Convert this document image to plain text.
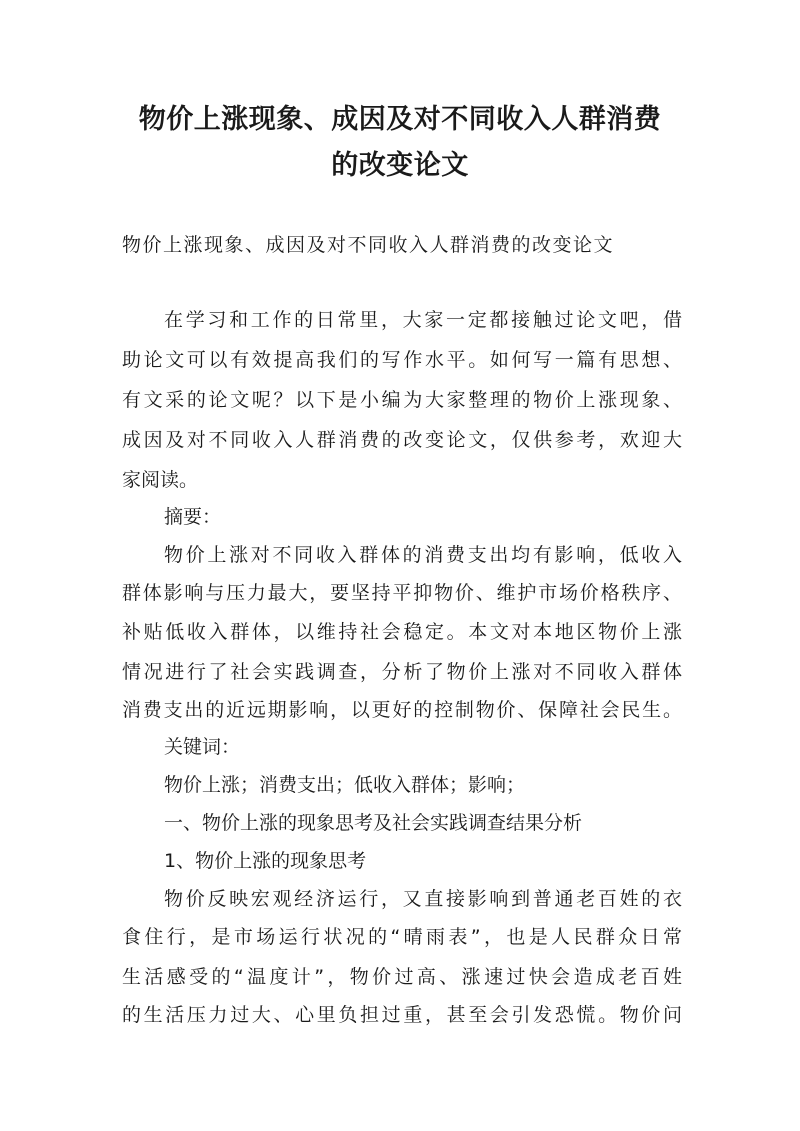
物价上涨现象、成因及对不同收入人群消费
的改变论文
物价上涨现象、成因及对不同收入人群消费的改变论文
在学习和工作的日常里，大家一定都接触过论文吧，借
助论文可以有效提高我们的写作水平。如何写一篇有思想、
有文采的论文呢？以下是小编为大家整理的物价上涨现象、
成因及对不同收入人群消费的改变论文，仅供参考，欢迎大
家阅读。
摘要：
物价上涨对不同收入群体的消费支出均有影响，低收入
群体影响与压力最大，要坚持平抑物价、维护市场价格秩序、
补贴低收入群体，以维持社会稳定。本文对本地区物价上涨
情况进行了社会实践调查，分析了物价上涨对不同收入群体
消费支出的近远期影响，以更好的控制物价、保障社会民生。
关键词：
物价上涨；消费支出；低收入群体；影响；
一、物价上涨的现象思考及社会实践调查结果分析
1、物价上涨的现象思考
物价反映宏观经济运行，又直接影响到普通老百姓的衣
食住行，是市场运行状况的“晴雨表”，也是人民群众日常
生活感受的“温度计”，物价过高、涨速过快会造成老百姓
的生活压力过大、心里负担过重，甚至会引发恐慌。物价问
